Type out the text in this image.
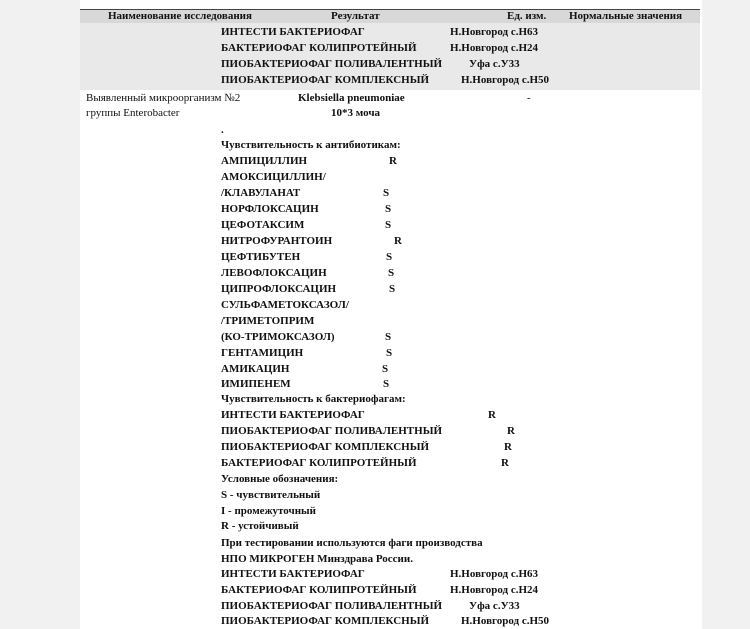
Наименование исследования	Результат	Ед. изм. Нормальные значения
ИНТЕСТИ БАКТЕРИОФАГ	Н.Новгород с.Н63
БАКТЕРИОФАГ КОЛИПРОТЕЙНЫЙ	Н.Новгород с.Н24
ПИОБАКТЕРИОФАГ ПОЛИВАЛЕНТНЫЙ Уфа с.У33
ПИОБАКТЕРИОФАГ КОМПЛЕКСНЫЙ	Н.Новгород с.Н50
Выявленный микроорганизм №2
группы Enterobacter
Klebsiella pneumoniae	-
10*3 моча
.
Чувствительность к антибиотикам:
АМПИЦИЛЛИН	R
АМОКСИЦИЛЛИН/
/КЛАВУЛАНАТ	S
НОРФЛОКСАЦИН	S
ЦЕФОТАКСИМ	S
НИТРОФУРАНТОИН	R
ЦЕФТИБУТЕН	S
ЛЕВОФЛОКСАЦИН	S
ЦИПРОФЛОКСАЦИН	S
СУЛЬФАМЕТОКСАЗОЛ/
/ТРИМЕТОПРИМ
(КО-ТРИМОКСАЗОЛ)	S
ГЕНТАМИЦИН	S
АМИКАЦИН	S
ИМИПЕНЕМ	S
Чувствительность к бактериофагам:
ИНТЕСТИ БАКТЕРИОФАГ	R
ПИОБАКТЕРИОФАГ ПОЛИВАЛЕНТНЫЙ	R
ПИОБАКТЕРИОФАГ КОМПЛЕКСНЫЙ	R
БАКТЕРИОФАГ КОЛИПРОТЕЙНЫЙ	R
Условные обозначения:
S - чувствительный
I - промежуточный
R - устойчивый
При тестировании используются фаги производства
НПО МИКРОГЕН Минздрава России.
ИНТЕСТИ БАКТЕРИОФАГ	Н.Новгород с.Н63
БАКТЕРИОФАГ КОЛИПРОТЕЙНЫЙ	Н.Новгород с.Н24
ПИОБАКТЕРИОФАГ ПОЛИВАЛЕНТНЫЙ Уфа с.У33
ПИОБАКТЕРИОФАГ КОМПЛЕКСНЫЙ	Н.Новгород с.Н50
